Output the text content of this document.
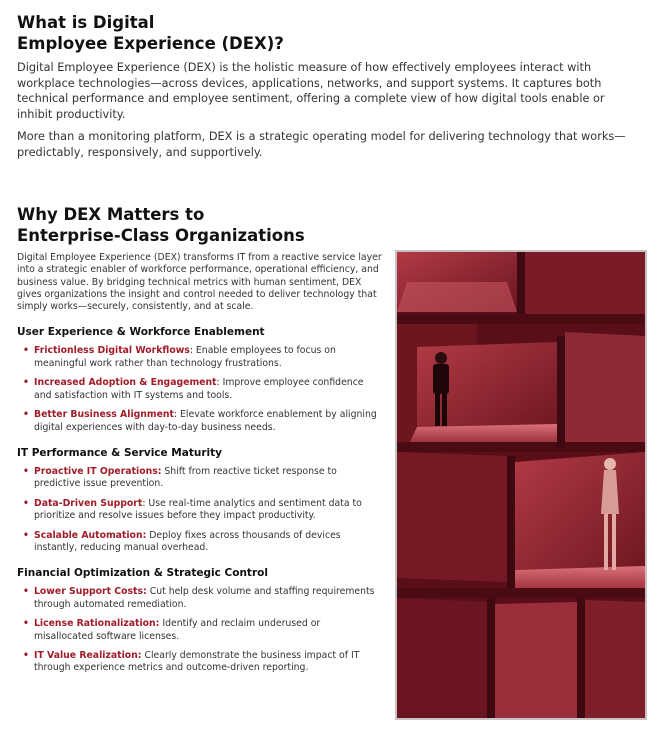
What is Digital
Employee Experience (DEX)?

Digital Employee Experience (DEX) is the holistic measure of how effectively employees interact with workplace technologies—across devices, applications, networks, and support systems. It captures both technical performance and employee sentiment, offering a complete view of how digital tools enable or inhibit productivity.

More than a monitoring platform, DEX is a strategic operating model for delivering technology that works—predictably, responsively, and supportively.

Why DEX Matters to
Enterprise-Class Organizations

Digital Employee Experience (DEX) transforms IT from a reactive service layer into a strategic enabler of workforce performance, operational efficiency, and business value. By bridging technical metrics with human sentiment, DEX gives organizations the insight and control needed to deliver technology that simply works—securely, consistently, and at scale.

User Experience & Workforce Enablement
• Frictionless Digital Workflows: Enable employees to focus on meaningful work rather than technology frustrations.
• Increased Adoption & Engagement: Improve employee confidence and satisfaction with IT systems and tools.
• Better Business Alignment: Elevate workforce enablement by aligning digital experiences with day-to-day business needs.
IT Performance & Service Maturity
• Proactive IT Operations: Shift from reactive ticket response to predictive issue prevention.
• Data-Driven Support: Use real-time analytics and sentiment data to prioritize and resolve issues before they impact productivity.
• Scalable Automation: Deploy fixes across thousands of devices instantly, reducing manual overhead.
Financial Optimization & Strategic Control
• Lower Support Costs: Cut help desk volume and staffing requirements through automated remediation.
• License Rationalization: Identify and reclaim underused or misallocated software licenses.
• IT Value Realization: Clearly demonstrate the business impact of IT through experience metrics and outcome-driven reporting.
